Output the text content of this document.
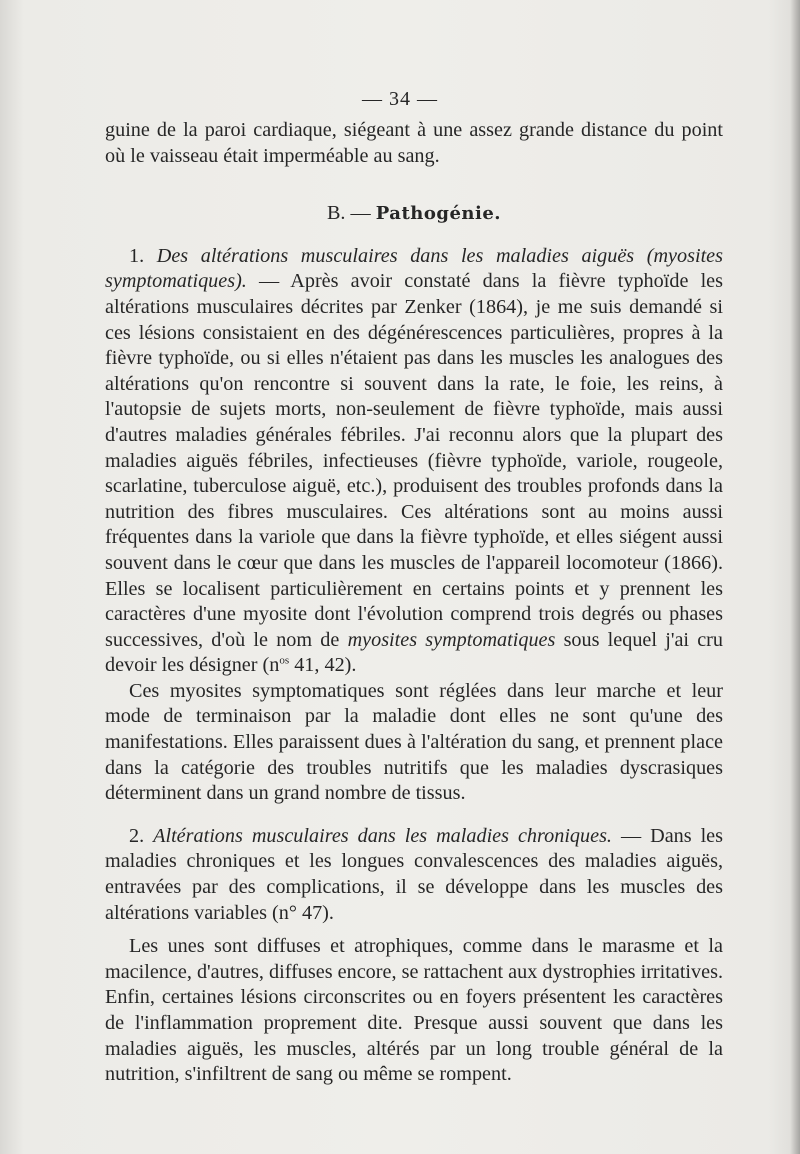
— 34 —

guine de la paroi cardiaque, siégeant à une assez grande distance du point où le vaisseau était imperméable au sang.

B. — Pathogénie.

1. Des altérations musculaires dans les maladies aiguës (myosites symptomatiques). — Après avoir constaté dans la fièvre typhoïde les altérations musculaires décrites par Zenker (1864), je me suis demandé si ces lésions consistaient en des dégénérescences particulières, propres à la fièvre typhoïde, ou si elles n'étaient pas dans les muscles les analogues des altérations qu'on rencontre si souvent dans la rate, le foie, les reins, à l'autopsie de sujets morts, non-seulement de fièvre typhoïde, mais aussi d'autres maladies générales fébriles. J'ai reconnu alors que la plupart des maladies aiguës fébriles, infectieuses (fièvre typhoïde, variole, rougeole, scarlatine, tuberculose aiguë, etc.), produisent des troubles profonds dans la nutrition des fibres musculaires. Ces altérations sont au moins aussi fréquentes dans la variole que dans la fièvre typhoïde, et elles siégent aussi souvent dans le cœur que dans les muscles de l'appareil locomoteur (1866). Elles se localisent particulièrement en certains points et y prennent les caractères d'une myosite dont l'évolution comprend trois degrés ou phases successives, d'où le nom de myosites symptomatiques sous lequel j'ai cru devoir les désigner ($n^{os}$ 41, 42).

Ces myosites symptomatiques sont réglées dans leur marche et leur mode de terminaison par la maladie dont elles ne sont qu'une des manifestations. Elles paraissent dues à l'altération du sang, et prennent place dans la catégorie des troubles nutritifs que les maladies dyscrasiques déterminent dans un grand nombre de tissus.

2. Altérations musculaires dans les maladies chroniques. — Dans les maladies chroniques et les longues convalescences des maladies aiguës, entravées par des complications, il se développe dans les muscles des altérations variables (n° 47).

Les unes sont diffuses et atrophiques, comme dans le marasme et la macilence, d'autres, diffuses encore, se rattachent aux dystrophies irritatives. Enfin, certaines lésions circonscrites ou en foyers présentent les caractères de l'inflammation proprement dite. Presque aussi souvent que dans les maladies aiguës, les muscles, altérés par un long trouble général de la nutrition, s'infiltrent de sang ou même se rompent.
